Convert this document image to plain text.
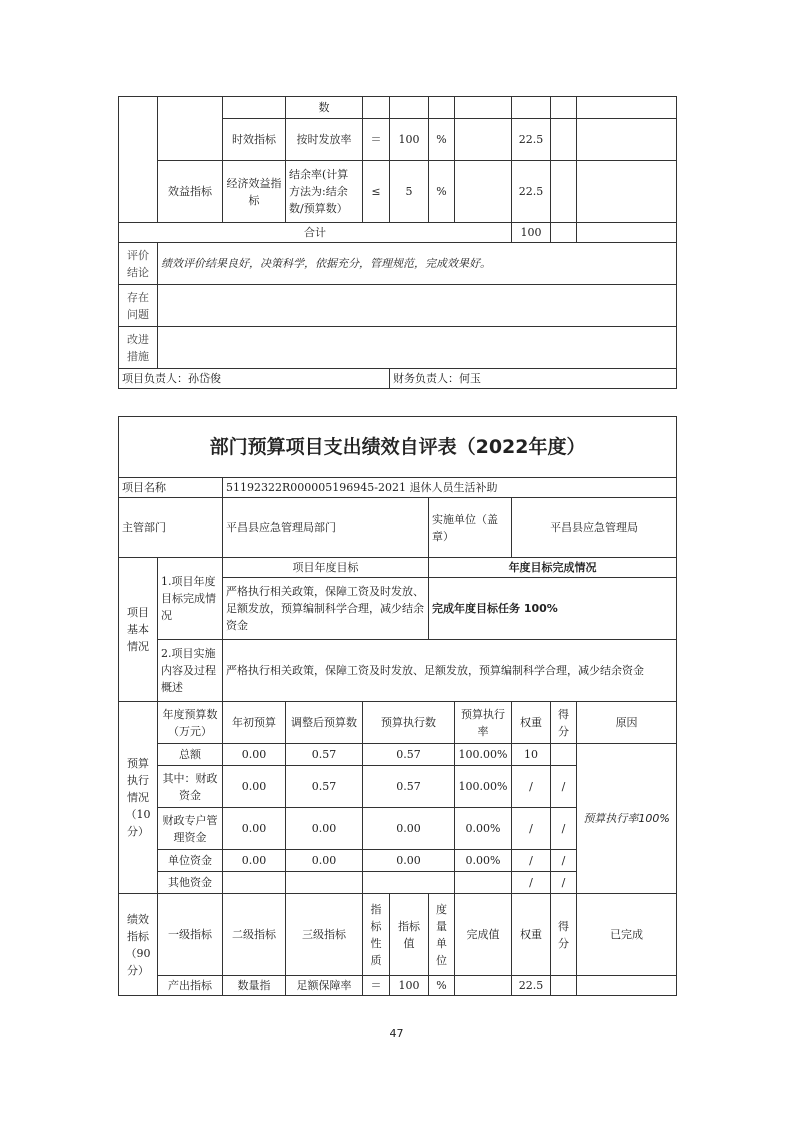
			数							
		时效指标	按时发放率	＝	100	%		22.5		
	效益指标	经济效益指标	结余率(计算方法为:结余数/预算数）	≤	5	%		22.5		
合计								100		
评价结论	绩效评价结果良好，决策科学，依据充分，管理规范，完成效果好。									
存在问题										
改进措施										
项目负责人：孙岱俊					财务负责人：何玉					
部门预算项目支出绩效自评表（2022年度）										
项目名称		51192322R000005196945-2021 退休人员生活补助								
主管部门		平昌县应急管理局部门				实施单位（盖章）		平昌县应急管理局		
项目基本情况	1.项目年度目标完成情况	项目年度目标				年度目标完成情况				
		严格执行相关政策，保障工资及时发放、足额发放，预算编制科学合理，减少结余资金				完成年度目标任务 100%				
	2.项目实施内容及过程概述	严格执行相关政策，保障工资及时发放、足额发放，预算编制科学合理，减少结余资金								
预算执行情况（10分）	年度预算数（万元）	年初预算	调整后预算数	预算执行数			预算执行率	权重	得分	原因
	总额	0.00	0.57	0.57			100.00%	10		预算执行率100%
	其中：财政资金	0.00	0.57	0.57			100.00%	/	/	
	财政专户管理资金	0.00	0.00	0.00			0.00%	/	/	
	单位资金	0.00	0.00	0.00			0.00%	/	/	
	其他资金							/	/	
绩效指标（90分）	一级指标	二级指标	三级指标	指标性质	指标值	度量单位	完成值	权重	得分	已完成
	产出指标	数量指	足额保障率	＝	100	%		22.5		
47
